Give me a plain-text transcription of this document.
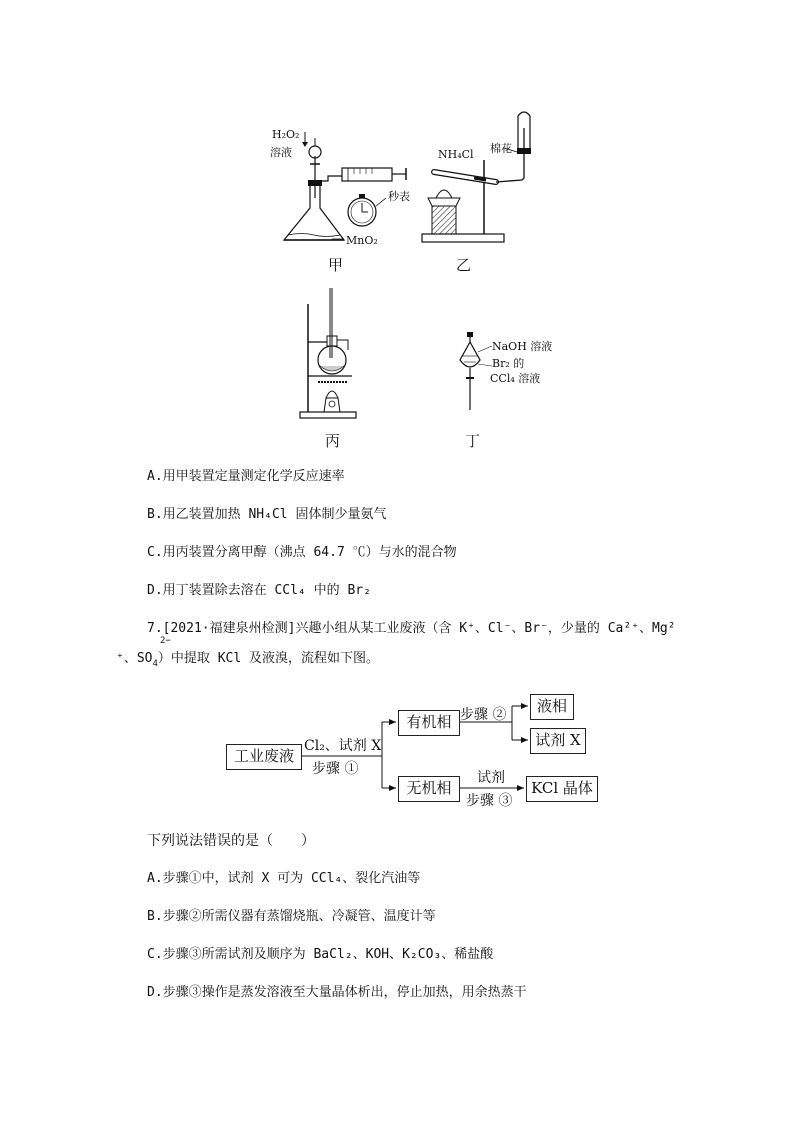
H₂O₂
溶液
秒表
MnO₂
甲
NH₄Cl 棉花
乙
丙
NaOH 溶液
Br₂ 的
CCl₄ 溶液
丁
A.用甲装置定量测定化学反应速率
B.用乙装置加热 NH₄Cl 固体制少量氨气
C.用丙装置分离甲醇（沸点 64.7 ℃）与水的混合物
D.用丁装置除去溶在 CCl₄ 中的 Br₂
7.[2021·福建泉州检测]兴趣小组从某工业废液（含 K⁺、Cl⁻、Br⁻，少量的 Ca²⁺、Mg²
2−
⁺、$SO_4$）中提取 KCl 及液溴，流程如下图。
工业废液
Cl₂、试剂 X
步骤 ①
有机相 步骤 ②	液相
试剂 X
无机相
试剂
步骤 ③
KCl 晶体
下列说法错误的是（　　）
A.步骤①中，试剂 X 可为 CCl₄、裂化汽油等
B.步骤②所需仪器有蒸馏烧瓶、冷凝管、温度计等
C.步骤③所需试剂及顺序为 BaCl₂、KOH、K₂CO₃、稀盐酸
D.步骤③操作是蒸发溶液至大量晶体析出，停止加热，用余热蒸干
